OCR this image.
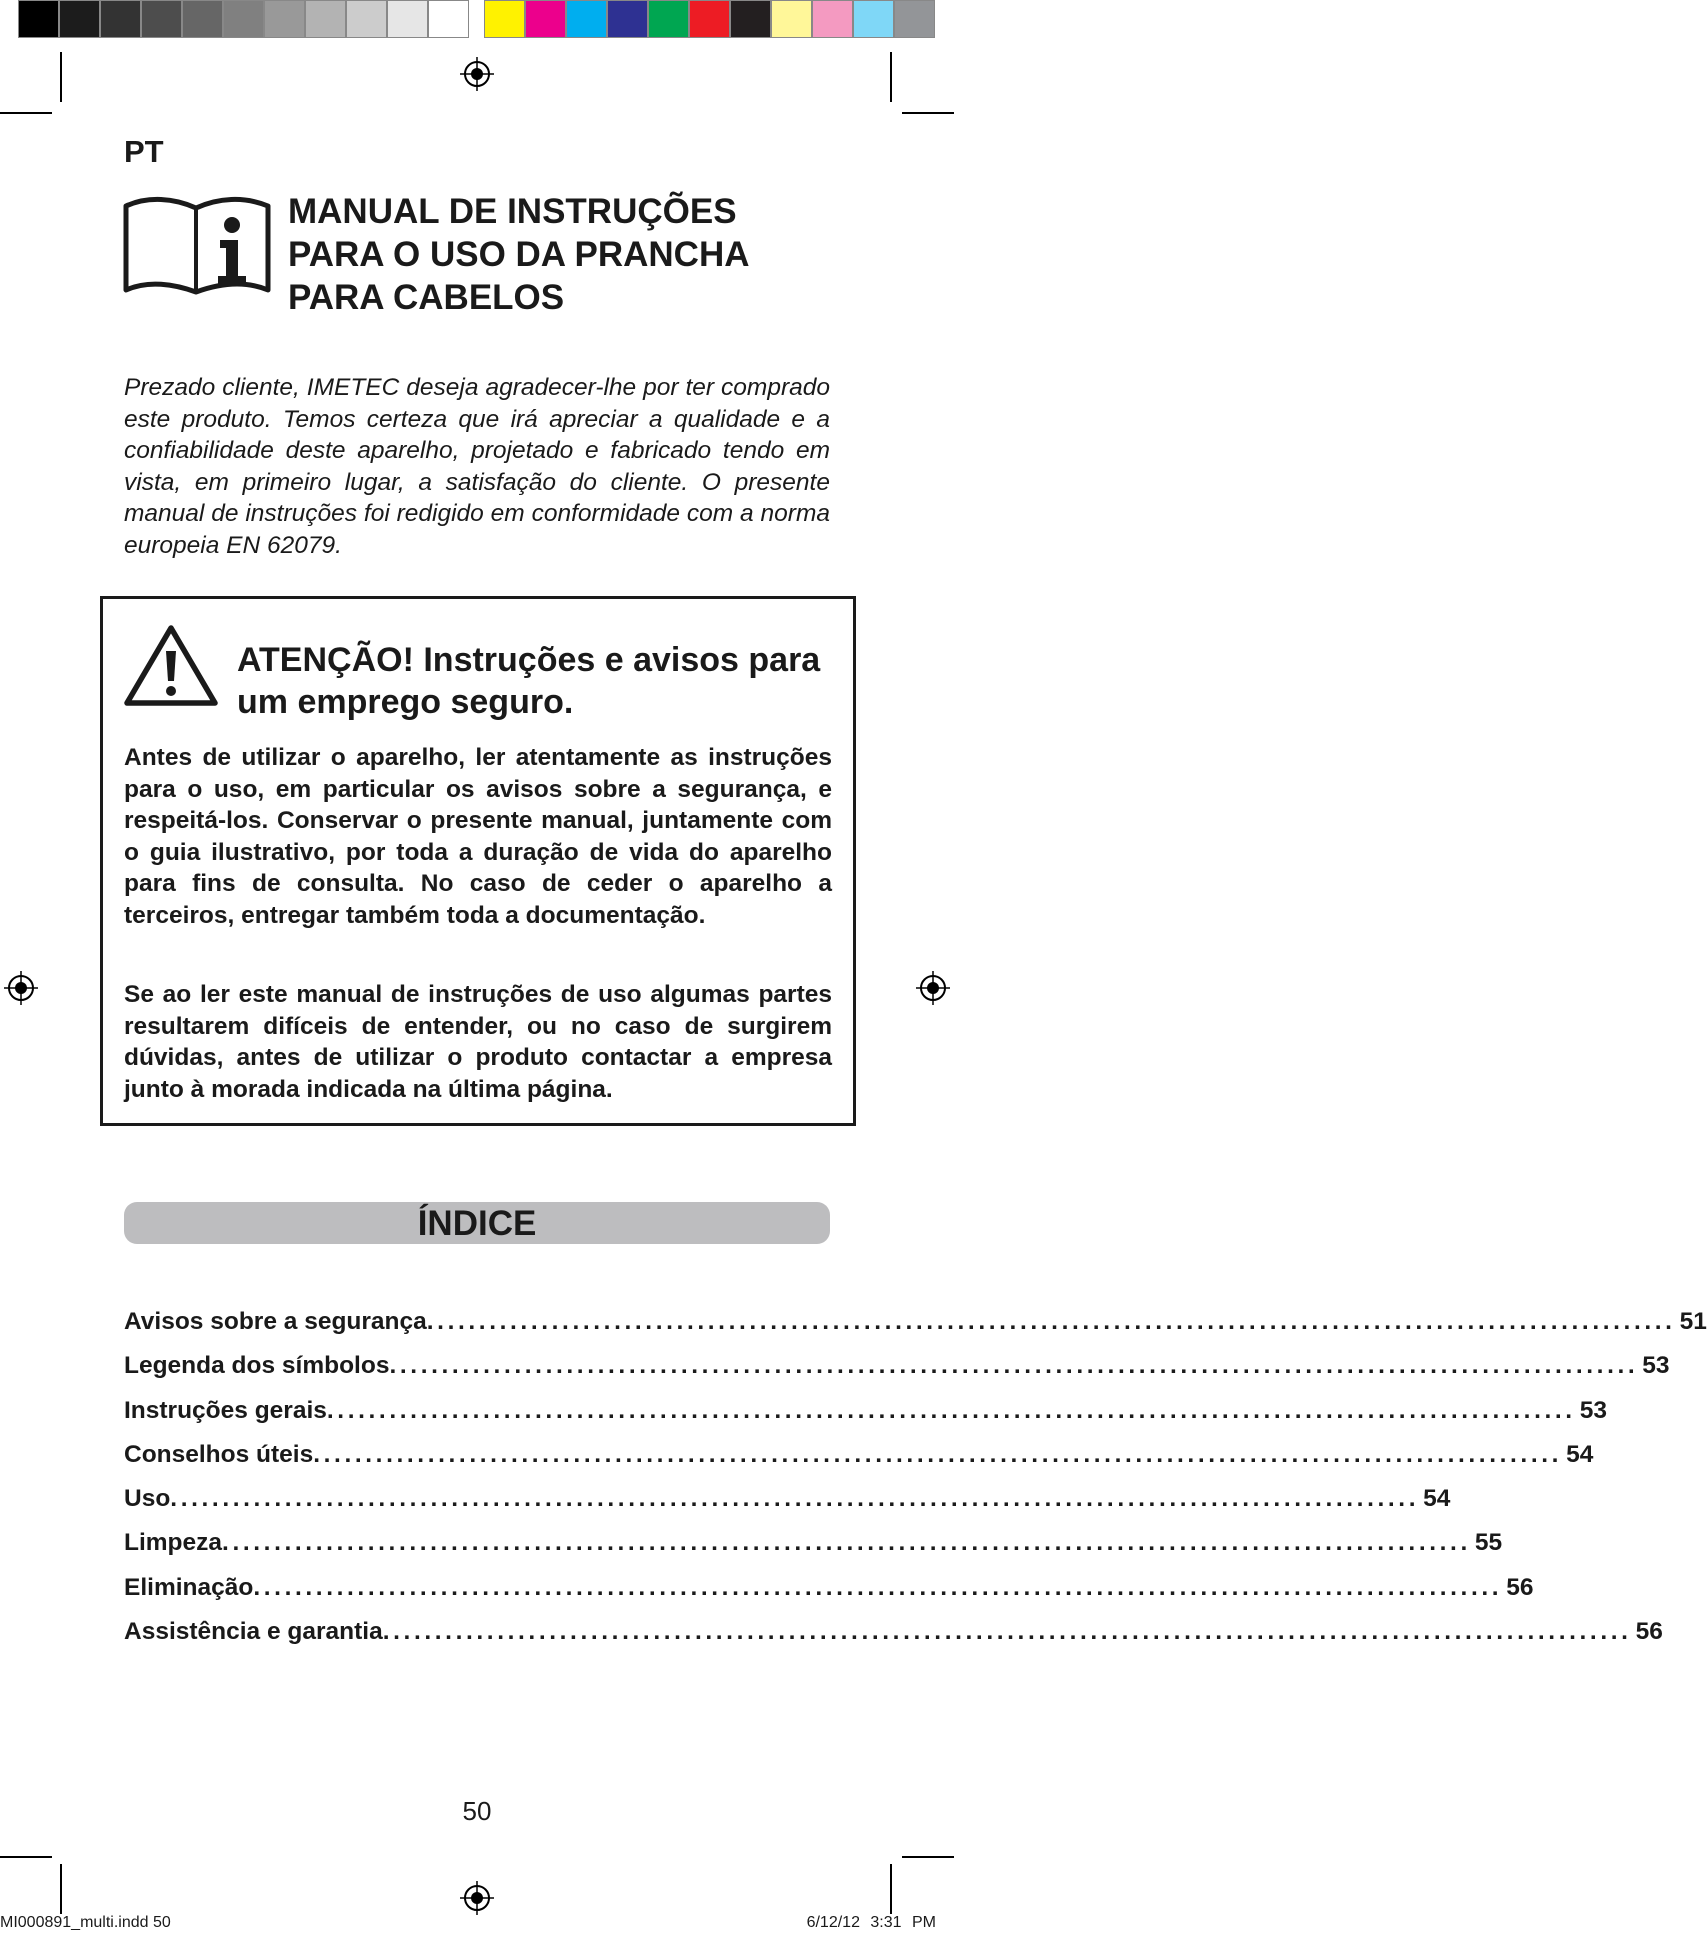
PT
MANUAL DE INSTRUÇÕES
PARA O USO DA PRANCHA
PARA CABELOS
Prezado cliente, IMETEC deseja agradecer-lhe por ter comprado este produto. Temos certeza que irá apreciar a qualidade e a confiabilidade deste aparelho, projetado e fabricado tendo em vista, em primeiro lugar, a satisfação do cliente. O presente manual de instruções foi redigido em conformidade com a norma europeia EN 62079.
ATENÇÃO! Instruções e avisos para
um emprego seguro.
Antes de utilizar o aparelho, ler atentamente as instruções para o uso, em particular os avisos sobre a segurança, e respeitá-los. Conservar o presente manual, juntamente com o guia ilustrativo, por toda a duração de vida do aparelho para fins de consulta. No caso de ceder o aparelho a terceiros, entregar também toda a documentação.
Se ao ler este manual de instruções de uso algumas partes resultarem difíceis de entender, ou no caso de surgirem dúvidas, antes de utilizar o produto contactar a empresa junto à morada indicada na última página.
ÍNDICE
Avisos sobre a segurança ........................................................................................................................ 51
Legenda dos símbolos ........................................................................................................................ 53
Instruções gerais ........................................................................................................................ 53
Conselhos úteis ........................................................................................................................ 54
Uso ........................................................................................................................ 54
Limpeza ........................................................................................................................ 55
Eliminação ........................................................................................................................ 56
Assistência e garantia ........................................................................................................................ 56
50
MI000891_multi.indd 50	6/12/12 3:31 PM
